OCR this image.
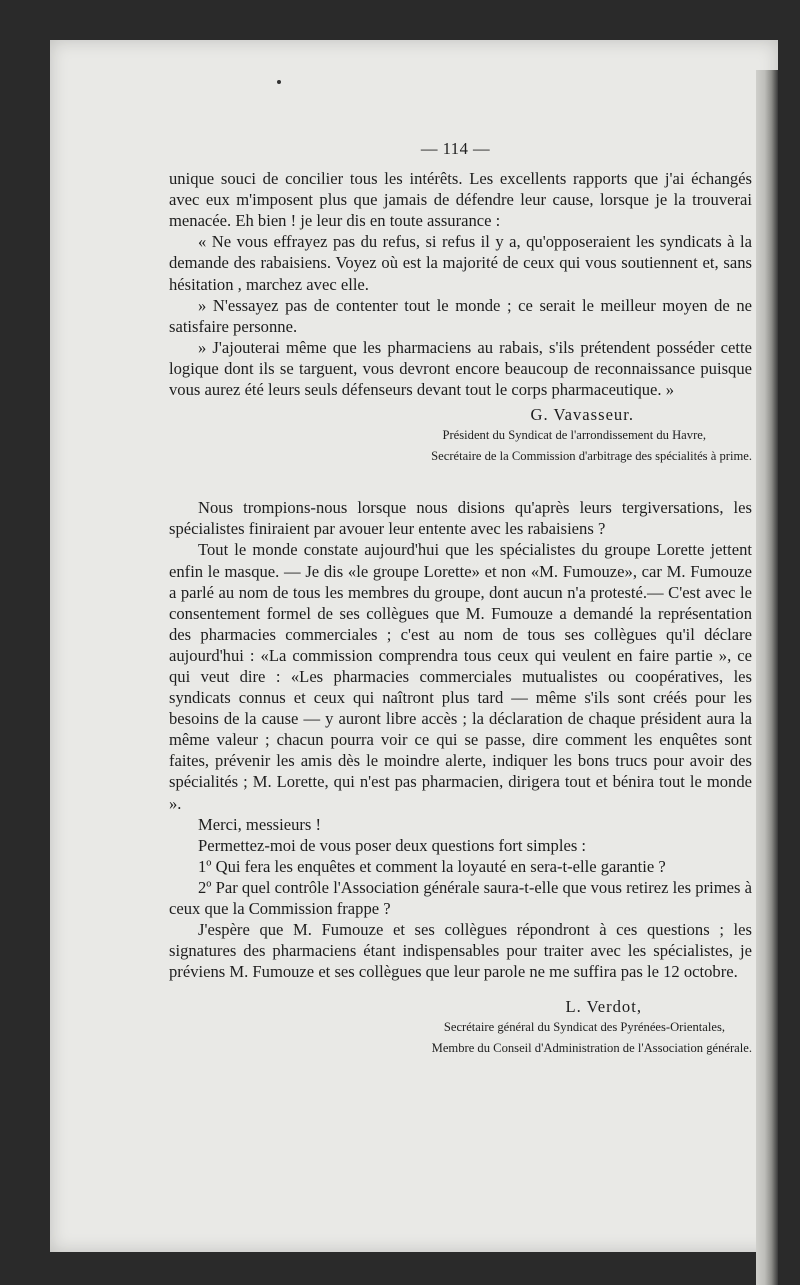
— 114 —

unique souci de concilier tous les intérêts. Les excellents rapports que j'ai échangés avec eux m'imposent plus que jamais de défendre leur cause, lorsque je la trouverai menacée. Eh bien ! je leur dis en toute assurance :

« Ne vous effrayez pas du refus, si refus il y a, qu'opposeraient les syndicats à la demande des rabaisiens. Voyez où est la majorité de ceux qui vous soutiennent et, sans hésitation , marchez avec elle.

» N'essayez pas de contenter tout le monde ; ce serait le meilleur moyen de ne satisfaire personne.

» J'ajouterai même que les pharmaciens au rabais, s'ils prétendent posséder cette logique dont ils se targuent, vous devront encore beaucoup de reconnaissance puisque vous aurez été leurs seuls défenseurs devant tout le corps pharmaceutique. »

G. Vavasseur.
Président du Syndicat de l'arrondissement du Havre,
Secrétaire de la Commission d'arbitrage des spécialités à prime.

Nous trompions-nous lorsque nous disions qu'après leurs tergiversations, les spécialistes finiraient par avouer leur entente avec les rabaisiens ?

Tout le monde constate aujourd'hui que les spécialistes du groupe Lorette jettent enfin le masque. — Je dis «le groupe Lorette» et non «M. Fumouze», car M. Fumouze a parlé au nom de tous les membres du groupe, dont aucun n'a protesté.— C'est avec le consentement formel de ses collègues que M. Fumouze a demandé la représentation des pharmacies commerciales ; c'est au nom de tous ses collègues qu'il déclare aujourd'hui : «La commission comprendra tous ceux qui veulent en faire partie », ce qui veut dire : «Les pharmacies commerciales mutualistes ou coopératives, les syndicats connus et ceux qui naîtront plus tard — même s'ils sont créés pour les besoins de la cause — y auront libre accès ; la déclaration de chaque président aura la même valeur ; chacun pourra voir ce qui se passe, dire comment les enquêtes sont faites, prévenir les amis dès le moindre alerte, indiquer les bons trucs pour avoir des spécialités ; M. Lorette, qui n'est pas pharmacien, dirigera tout et bénira tout le monde ».

Merci, messieurs !

Permettez-moi de vous poser deux questions fort simples :

1º Qui fera les enquêtes et comment la loyauté en sera-t-elle garantie ?

2º Par quel contrôle l'Association générale saura-t-elle que vous retirez les primes à ceux que la Commission frappe ?

J'espère que M. Fumouze et ses collègues répondront à ces questions ; les signatures des pharmaciens étant indispensables pour traiter avec les spécialistes, je préviens M. Fumouze et ses collègues que leur parole ne me suffira pas le 12 octobre.

L. Verdot,
Secrétaire général du Syndicat des Pyrénées-Orientales,
Membre du Conseil d'Administration de l'Association générale.
